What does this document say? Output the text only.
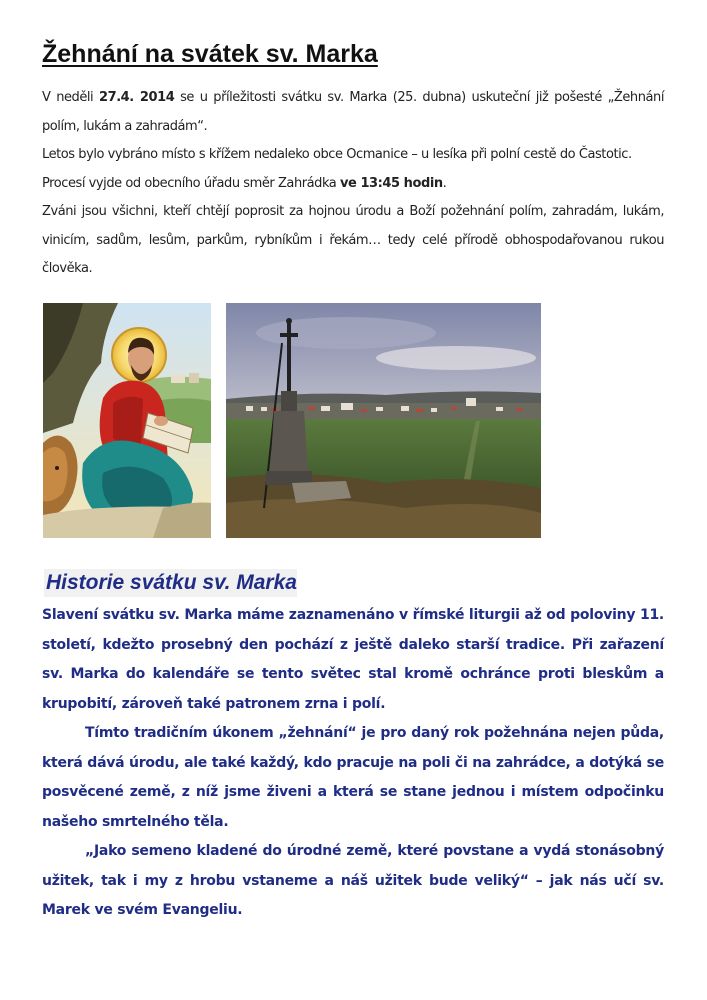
Žehnání na svátek sv. Marka

V neděli 27.4. 2014 se u příležitosti svátku sv. Marka (25. dubna) uskuteční již pošesté „Žehnání polím, lukám a zahradám“.

Letos bylo vybráno místo s křížem nedaleko obce Ocmanice – u lesíka při polní cestě do Častotic.

Procesí vyjde od obecního úřadu směr Zahrádka ve 13:45 hodin.

Zváni jsou všichni, kteří chtějí poprosit za hojnou úrodu a Boží požehnání polím, zahradám, lukám, vinicím, sadům, lesům, parkům, rybníkům i řekám… tedy celé přírodě obhospodařovanou rukou člověka.

Historie svátku sv. Marka

Slavení svátku sv. Marka máme zaznamenáno v římské liturgii až od poloviny 11. století, kdežto prosebný den pochází z ještě daleko starší tradice. Při zařazení sv. Marka do kalendáře se tento světec stal kromě ochránce proti bleskům a krupobití, zároveň také patronem zrna i polí.

Tímto tradičním úkonem „žehnání“ je pro daný rok požehnána nejen půda, která dává úrodu, ale také každý, kdo pracuje na poli či na zahrádce, a dotýká se posvěcené země, z níž jsme živeni a která se stane jednou i místem odpočinku našeho smrtelného těla.

„Jako semeno kladené do úrodné země, které povstane a vydá stonásobný užitek, tak i my z hrobu vstaneme a náš užitek bude veliký“ – jak nás učí sv. Marek ve svém Evangeliu.
